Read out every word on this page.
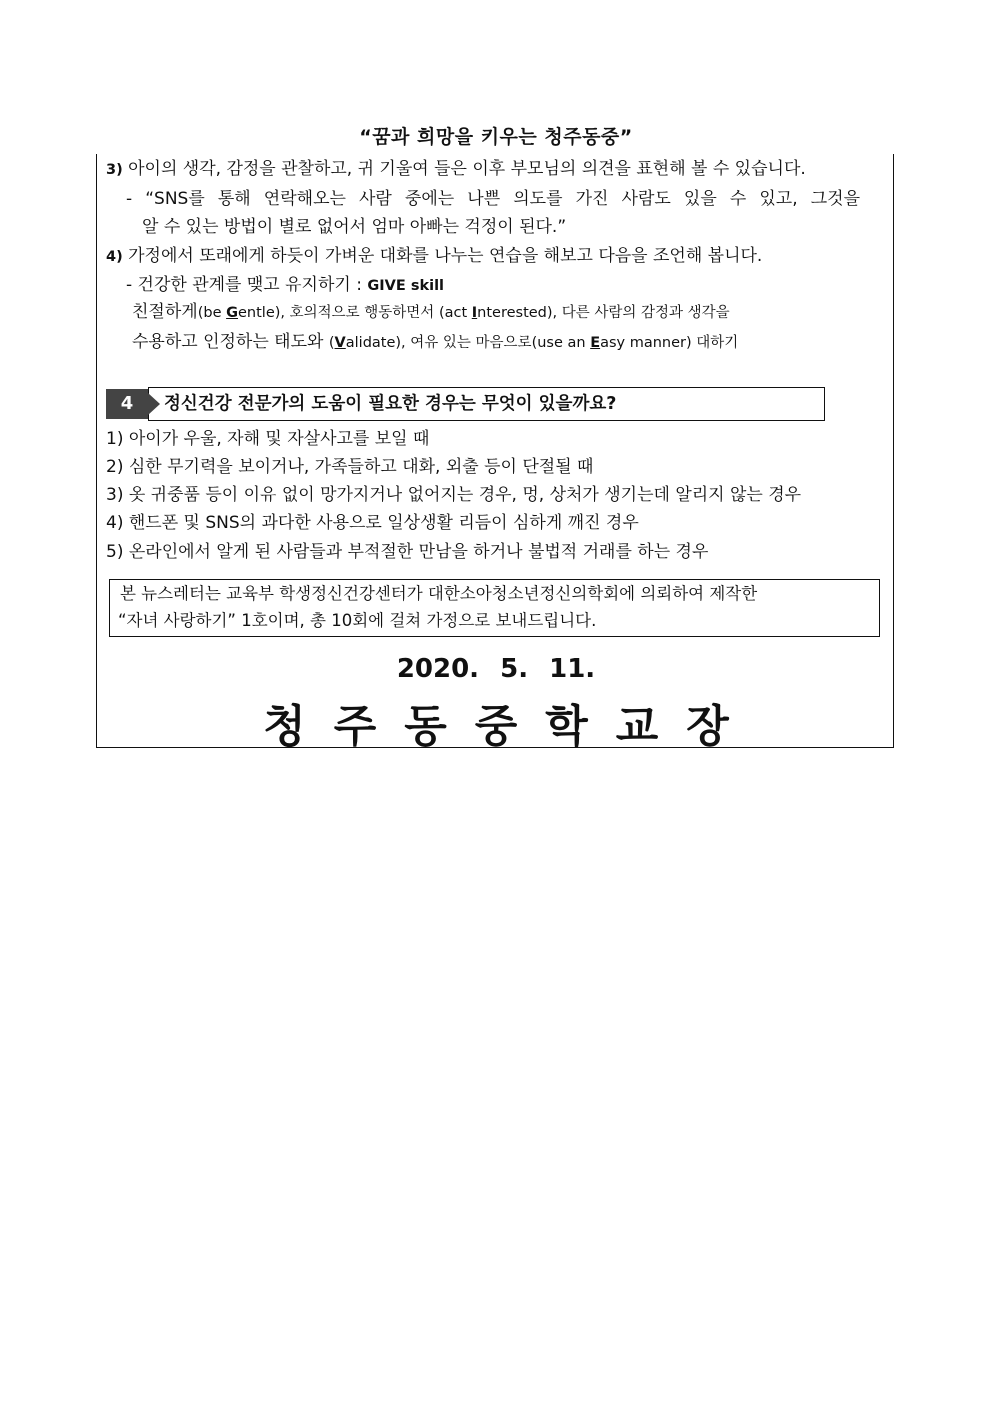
“꿈과 희망을 키우는 청주동중”
3) 아이의 생각, 감정을 관찰하고, 귀 기울여 들은 이후 부모님의 의견을 표현해 볼 수 있습니다.
- “SNS를 통해 연락해오는 사람 중에는 나쁜 의도를 가진 사람도 있을 수 있고, 그것을
알 수 있는 방법이 별로 없어서 엄마 아빠는 걱정이 된다.”
4) 가정에서 또래에게 하듯이 가벼운 대화를 나누는 연습을 해보고 다음을 조언해 봅니다.
- 건강한 관계를 맺고 유지하기 : GIVE skill
친절하게(be Gentle), 호의적으로 행동하면서 (act Interested), 다른 사람의 감정과 생각을
수용하고 인정하는 태도와 (Validate), 여유 있는 마음으로(use an Easy manner) 대하기
4	정신건강 전문가의 도움이 필요한 경우는 무엇이 있을까요?
1) 아이가 우울, 자해 및 자살사고를 보일 때
2) 심한 무기력을 보이거나, 가족들하고 대화, 외출 등이 단절될 때
3) 옷 귀중품 등이 이유 없이 망가지거나 없어지는 경우, 멍, 상처가 생기는데 알리지 않는 경우
4) 핸드폰 및 SNS의 과다한 사용으로 일상생활 리듬이 심하게 깨진 경우
5) 온라인에서 알게 된 사람들과 부적절한 만남을 하거나 불법적 거래를 하는 경우
본 뉴스레터는 교육부 학생정신건강센터가 대한소아청소년정신의학회에 의뢰하여 제작한
“자녀 사랑하기” 1호이며, 총 10회에 걸쳐 가정으로 보내드립니다.
2020. 5. 11.
청주동중학교장
